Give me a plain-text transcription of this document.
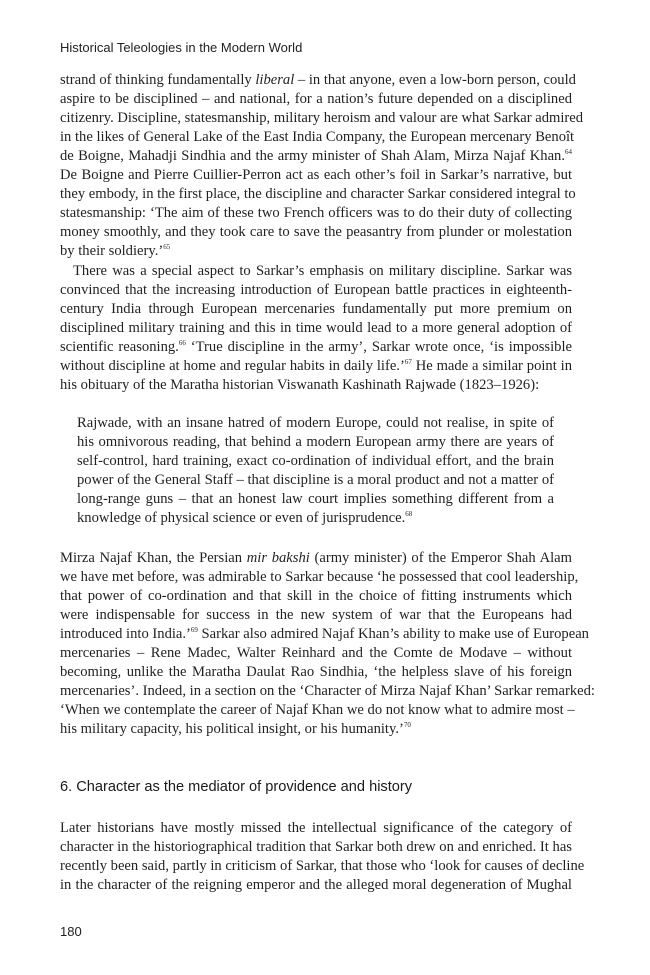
Historical Teleologies in the Modern World
strand of thinking fundamentally liberal – in that anyone, even a low-born person, could
aspire to be disciplined – and national, for a nation’s future depended on a disciplined
citizenry. Discipline, statesmanship, military heroism and valour are what Sarkar admired
in the likes of General Lake of the East India Company, the European mercenary Benoît
de Boigne, Mahadji Sindhia and the army minister of Shah Alam, Mirza Najaf Khan.$^{64}$
De Boigne and Pierre Cuillier-Perron act as each other’s foil in Sarkar’s narrative, but
they embody, in the first place, the discipline and character Sarkar considered integral to
statesmanship: ‘The aim of these two French officers was to do their duty of collecting
money smoothly, and they took care to save the peasantry from plunder or molestation
by their soldiery.’$^{65}$
There was a special aspect to Sarkar’s emphasis on military discipline. Sarkar was
convinced that the increasing introduction of European battle practices in eighteenth-
century India through European mercenaries fundamentally put more premium on
disciplined military training and this in time would lead to a more general adoption of
scientific reasoning.$^{66}$ ‘True discipline in the army’, Sarkar wrote once, ‘is impossible
without discipline at home and regular habits in daily life.’$^{67}$ He made a similar point in
his obituary of the Maratha historian Viswanath Kashinath Rajwade (1823–1926):
Rajwade, with an insane hatred of modern Europe, could not realise, in spite of
his omnivorous reading, that behind a modern European army there are years of
self-control, hard training, exact co-ordination of individual effort, and the brain
power of the General Staff – that discipline is a moral product and not a matter of
long-range guns – that an honest law court implies something different from a
knowledge of physical science or even of jurisprudence.$^{68}$
Mirza Najaf Khan, the Persian mir bakshi (army minister) of the Emperor Shah Alam
we have met before, was admirable to Sarkar because ‘he possessed that cool leadership,
that power of co-ordination and that skill in the choice of fitting instruments which
were indispensable for success in the new system of war that the Europeans had
introduced into India.’$^{69}$ Sarkar also admired Najaf Khan’s ability to make use of European
mercenaries – Rene Madec, Walter Reinhard and the Comte de Modave – without
becoming, unlike the Maratha Daulat Rao Sindhia, ‘the helpless slave of his foreign
mercenaries’. Indeed, in a section on the ‘Character of Mirza Najaf Khan’ Sarkar remarked:
‘When we contemplate the career of Najaf Khan we do not know what to admire most –
his military capacity, his political insight, or his humanity.’$^{70}$
6. Character as the mediator of providence and history
Later historians have mostly missed the intellectual significance of the category of
character in the historiographical tradition that Sarkar both drew on and enriched. It has
recently been said, partly in criticism of Sarkar, that those who ‘look for causes of decline
in the character of the reigning emperor and the alleged moral degeneration of Mughal
180
